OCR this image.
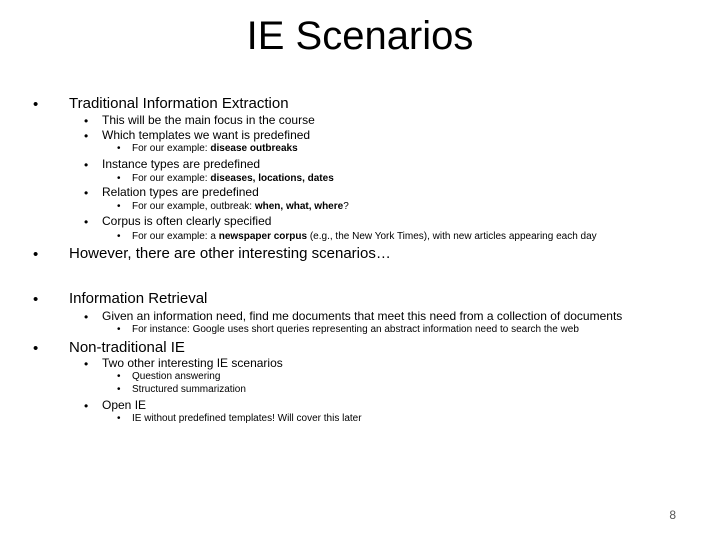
IE Scenarios
• Traditional Information Extraction
• This will be the main focus in the course
• Which templates we want is predefined
• For our example: disease outbreaks
• Instance types are predefined
• For our example: diseases, locations, dates
• Relation types are predefined
• For our example, outbreak: when, what, where?
• Corpus is often clearly specified
• For our example: a newspaper corpus (e.g., the New York Times), with new articles appearing each day
• However, there are other interesting scenarios…
• Information Retrieval
• Given an information need, find me documents that meet this need from a collection of documents
• For instance: Google uses short queries representing an abstract information need to search the web
• Non-traditional IE
• Two other interesting IE scenarios
• Question answering
• Structured summarization
• Open IE
• IE without predefined templates! Will cover this later
8
